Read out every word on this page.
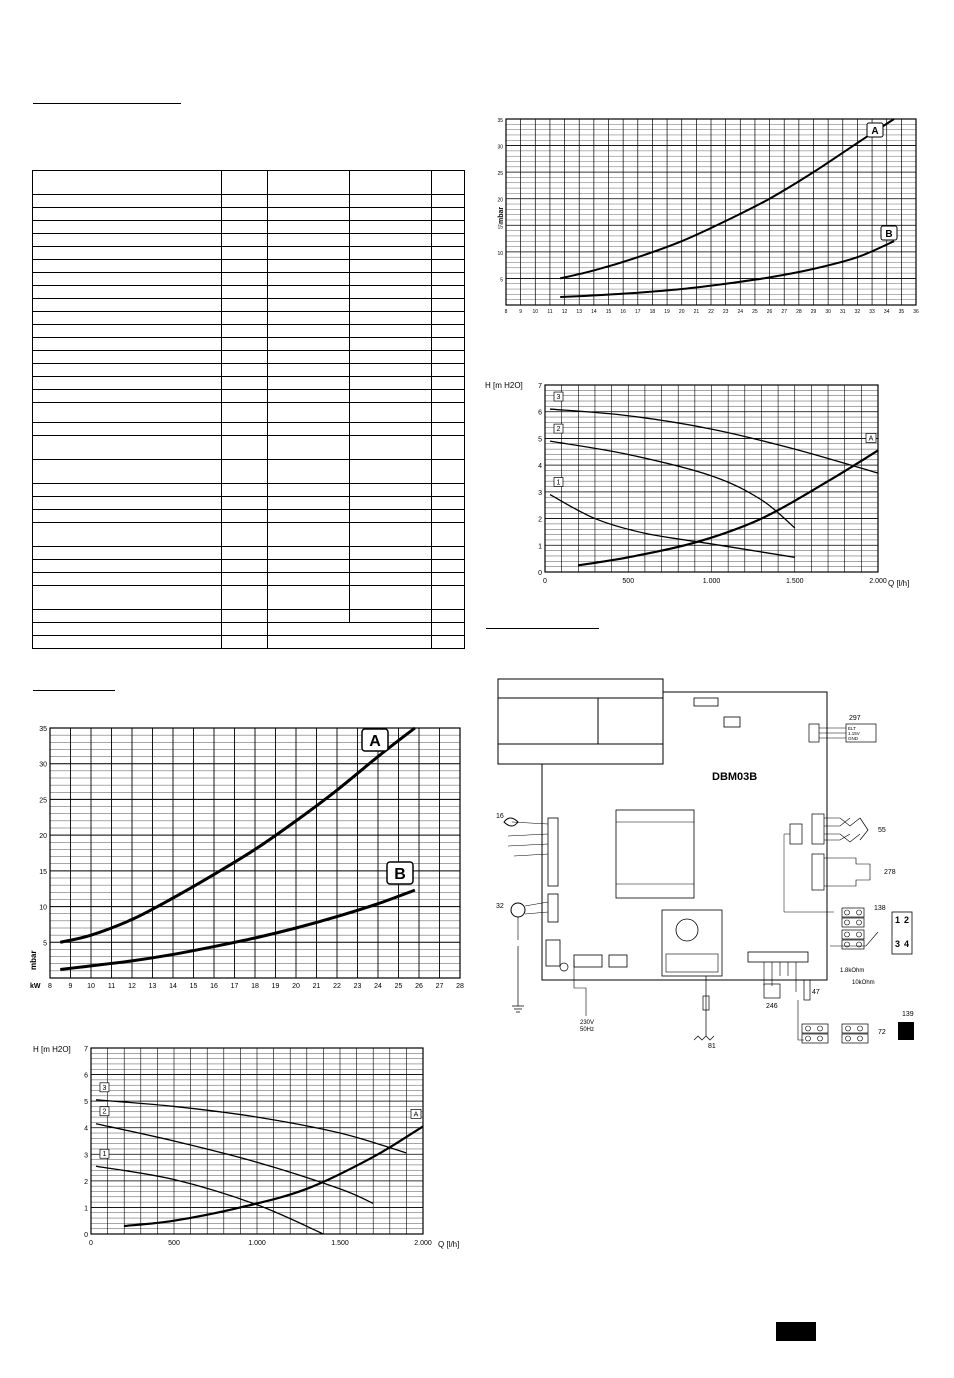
5
10
15
20
25
30
35
8 9 10 11 12 13 14 15 16 17 18 19 20 21 22 23 24 25 26 27 28
mbar
kW
A
B
0
1
2
3
4
5
6
7
0	500	1.000	1.500	2.000
H [m H2O]
Q [l/h]
3
2
1
A
5
10
15
20
25
30
35
8 9 10 11 12 13 14 15 16 17 18 19 20 21 22 23 24 25 26 27 28 29 30 31 32 33 34 35 36
mbar
A
B
0
1
2
3
4
5
6
7
0	500	1.000	1.500	2.000
H [m H2O]
Q [l/h]
3
2
1
A
DBM03B
16
32
230V 50Hz
81
246
47
297
ELT
1.15V
GND
55
278
138
1 2
3 4
1.8kOhm
10kOhm
139
72
